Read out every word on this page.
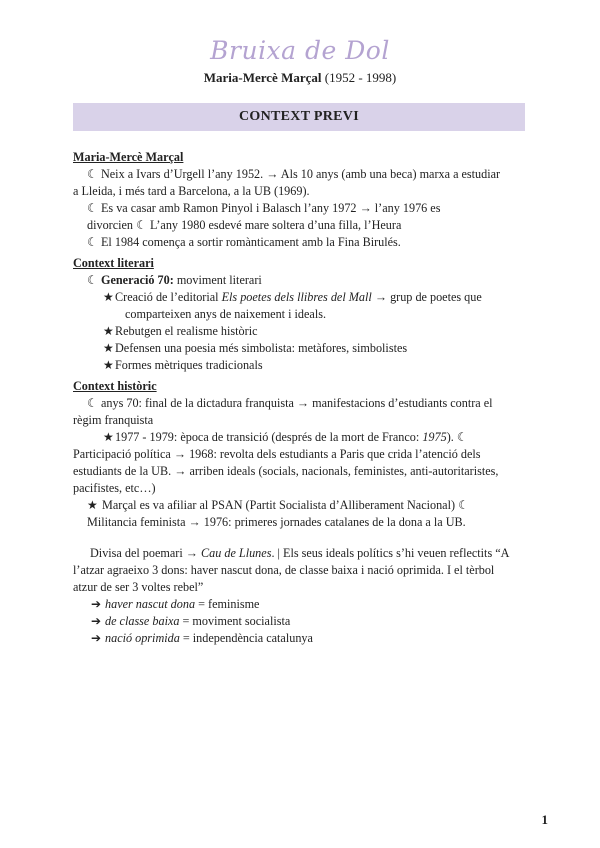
Bruixa de Dol
Maria-Mercè Marçal (1952 - 1998)
CONTEXT PREVI

Maria-Mercè Marçal

☾ Neix a Ivars d’Urgell l’any 1952. → Als 10 anys (amb una beca) marxa a estudiar

a Lleida, i més tard a Barcelona, a la UB (1969).

☾ Es va casar amb Ramon Pinyol i Balasch l’any 1972 → l’any 1976 es

divorcien ☾ L’any 1980 esdevé mare soltera d’una filla, l’Heura

☾ El 1984 comença a sortir romànticament amb la Fina Birulés.

Context literari

☾ Generació 70: moviment literari

★Creació de l’editorial Els poetes dels llibres del Mall → grup de poetes que

comparteixen anys de naixement i ideals.

★Rebutgen el realisme històric

★Defensen una poesia més simbolista: metàfores, simbolistes

★Formes mètriques tradicionals

Context històric

☾ anys 70: final de la dictadura franquista → manifestacions d’estudiants contra el

règim franquista

★1977 - 1979: època de transició (després de la mort de Franco: 1975). ☾

Participació política → 1968: revolta dels estudiants a Paris que crida l’atenció dels

estudiants de la UB. → arriben ideals (socials, nacionals, feministes, anti-autoritaristes,

pacifistes, etc…)

★ Marçal es va afiliar al PSAN (Partit Socialista d’Alliberament Nacional) ☾

Militancia feminista → 1976: primeres jornades catalanes de la dona a la UB.

Divisa del poemari → Cau de Llunes. | Els seus ideals polítics s’hi veuen reflectits “A

l’atzar agraeixo 3 dons: haver nascut dona, de classe baixa i nació oprimida. I el tèrbol

atzur de ser 3 voltes rebel”

➔ haver nascut dona = feminisme

➔ de classe baixa = moviment socialista

➔ nació oprimida = independència catalunya

1
